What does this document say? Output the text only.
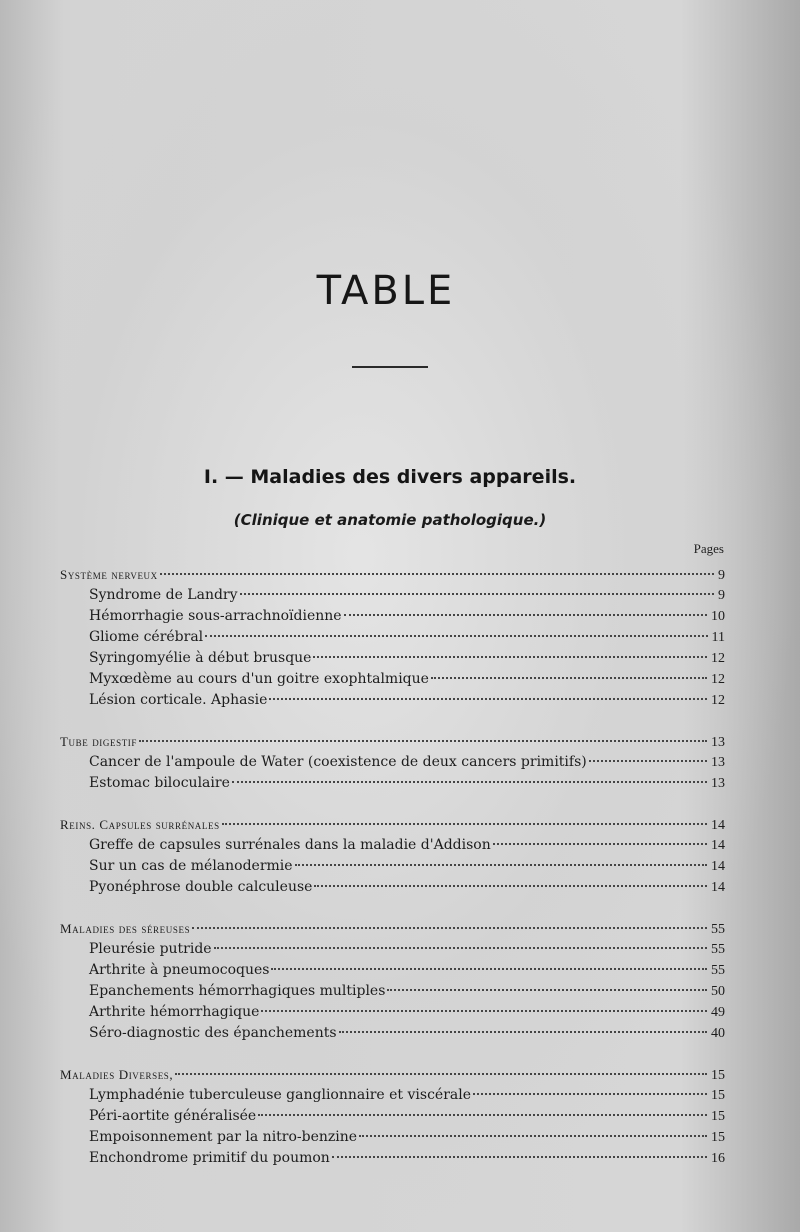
TABLE
I. — Maladies des divers appareils.
(Clinique et anatomie pathologique.)
Pages
Système nerveux	9
Syndrome de Landry	9
Hémorrhagie sous-arrachnoïdienne	10
Gliome cérébral	11
Syringomyélie à début brusque	12
Myxœdème au cours d'un goitre exophtalmique	12
Lésion corticale. Aphasie	12
Tube digestif	13
Cancer de l'ampoule de Water (coexistence de deux cancers primitifs)	13
Estomac biloculaire	13
Reins. Capsules surrénales	14
Greffe de capsules surrénales dans la maladie d'Addison	14
Sur un cas de mélanodermie	14
Pyonéphrose double calculeuse	14
Maladies des séreuses	55
Pleurésie putride	55
Arthrite à pneumocoques	55
Epanchements hémorrhagiques multiples	50
Arthrite hémorrhagique	49
Séro-diagnostic des épanchements	40
Maladies Diverses,	15
Lymphadénie tuberculeuse ganglionnaire et viscérale	15
Péri-aortite généralisée	15
Empoisonnement par la nitro-benzine	15
Enchondrome primitif du poumon	16
